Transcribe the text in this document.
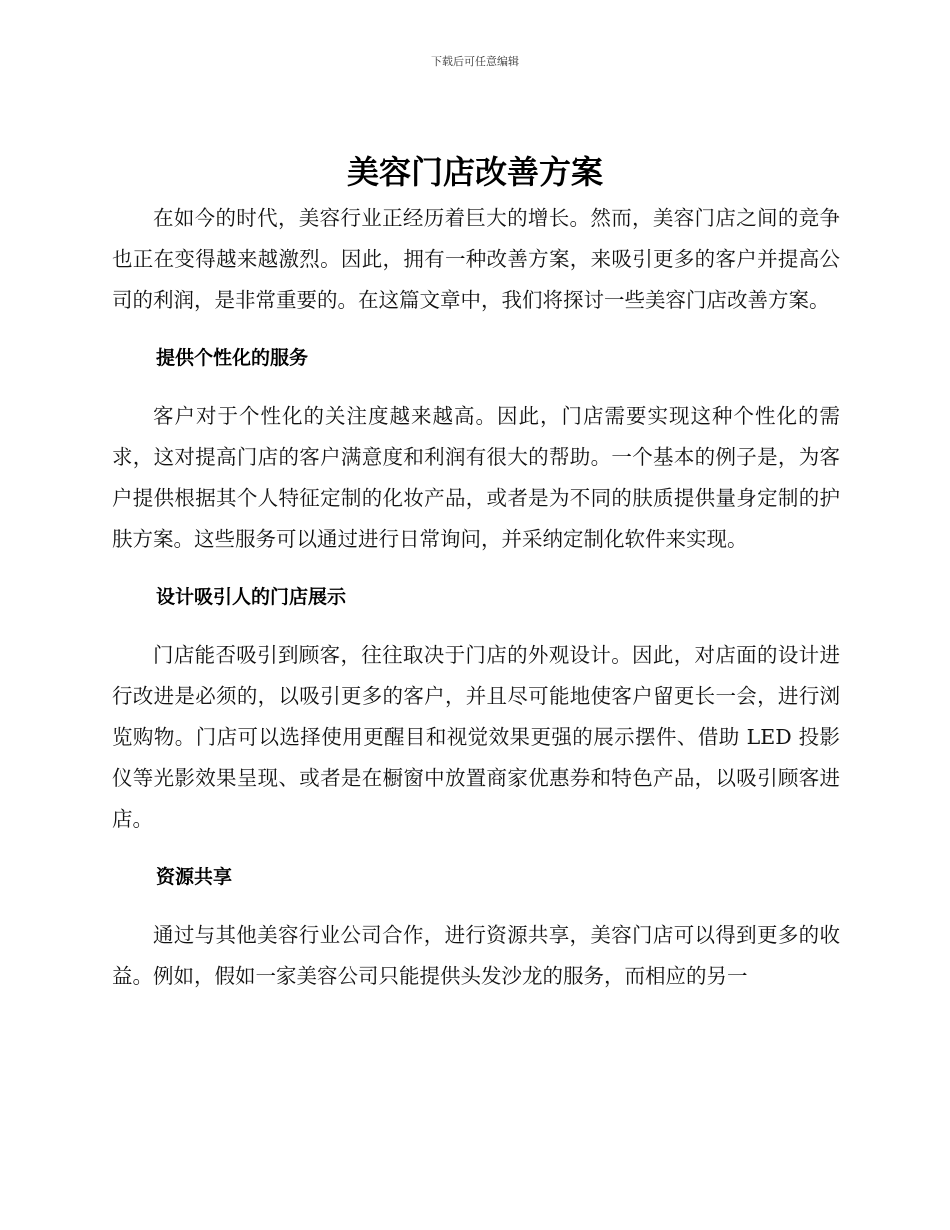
下载后可任意编辑
美容门店改善方案

在如今的时代，美容行业正经历着巨大的增长。然而，美容门店之间的竞争也正在变得越来越激烈。因此，拥有一种改善方案，来吸引更多的客户并提高公司的利润，是非常重要的。在这篇文章中，我们将探讨一些美容门店改善方案。

提供个性化的服务

客户对于个性化的关注度越来越高。因此，门店需要实现这种个性化的需求，这对提高门店的客户满意度和利润有很大的帮助。一个基本的例子是，为客户提供根据其个人特征定制的化妆产品，或者是为不同的肤质提供量身定制的护肤方案。这些服务可以通过进行日常询问，并采纳定制化软件来实现。

设计吸引人的门店展示

门店能否吸引到顾客，往往取决于门店的外观设计。因此，对店面的设计进行改进是必须的，以吸引更多的客户，并且尽可能地使客户留更长一会，进行浏览购物。门店可以选择使用更醒目和视觉效果更强的展示摆件、借助 LED 投影仪等光影效果呈现、或者是在橱窗中放置商家优惠券和特色产品，以吸引顾客进店。

资源共享

通过与其他美容行业公司合作，进行资源共享，美容门店可以得到更多的收益。例如，假如一家美容公司只能提供头发沙龙的服务，而相应的另一
